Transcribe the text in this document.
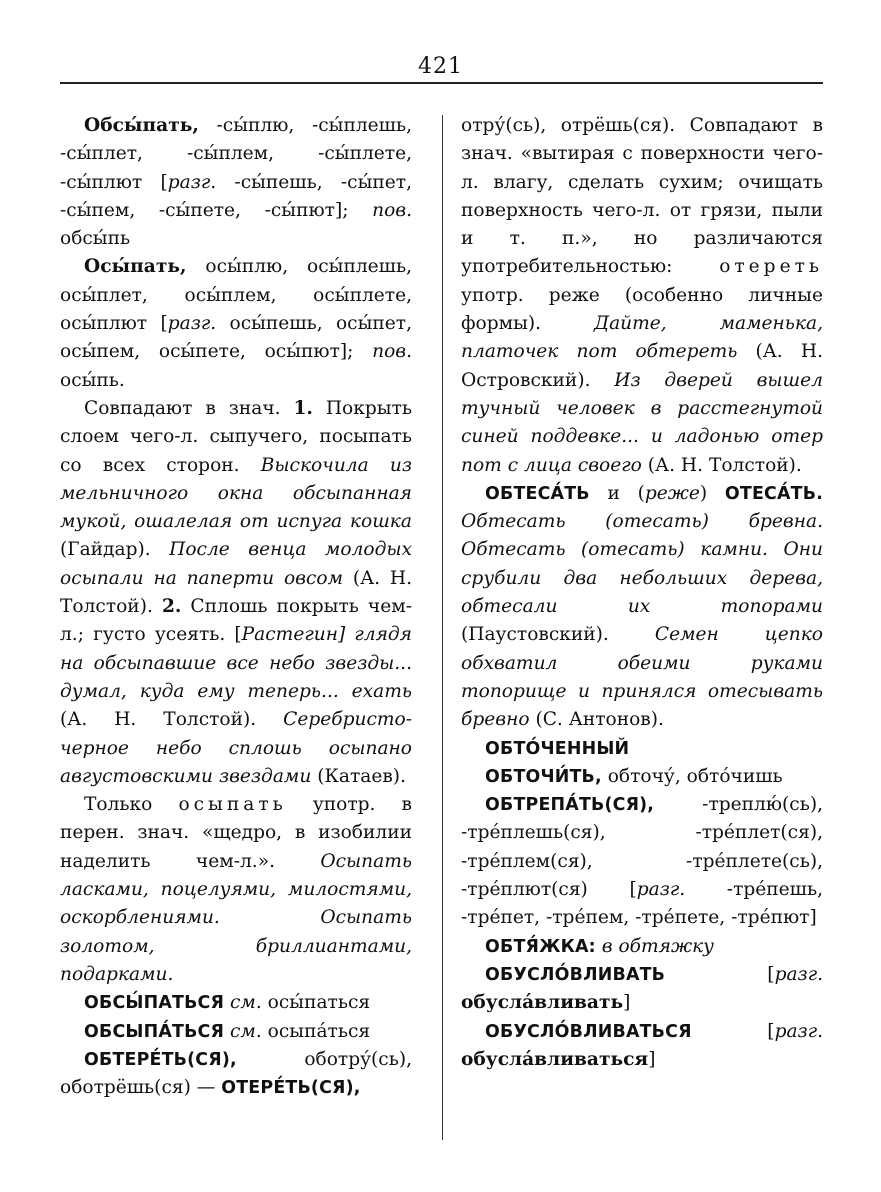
421

Обсы́пать, -сы́плю, -сы́плешь, -сы́плет, -сы́плем, -сы́плете, -сы́плют [разг. -сы́пешь, -сы́пет, -сы́пем, -сы́пете, -сы́пют]; пов. обсы́пь

Осы́пать, осы́плю, осы́плешь, осы́плет, осы́плем, осы́плете, осы́плют [разг. осы́пешь, осы́пет, осы́пем, осы́пете, осы́пют]; пов. осы́пь.

Совпадают в знач. 1. Покрыть слоем чего-л. сыпучего, посыпать со всех сторон. Выскочила из мельничного окна обсыпанная мукой, ошалелая от испуга кошка (Гайдар). После венца молодых осыпали на паперти овсом (А. Н. Толстой). 2. Сплошь покрыть чем-л.; густо усеять. [Растегин] глядя на обсыпавшие все небо звезды... думал, куда ему теперь... ехать (А. Н. Толстой). Серебристо-черное небо сплошь осыпано августовскими звездами (Катаев).

Только осыпать употр. в перен. знач. «щедро, в изобилии наделить чем-л.». Осыпать ласками, поцелуями, милостями, оскорблениями. Осыпать золотом, бриллиантами, подарками.

ОБСЫ́ПАТЬСЯ см. осы́паться

ОБСЫПА́ТЬСЯ см. осыпа́ться

ОБТЕРЕ́ТЬ(СЯ), оботру́(сь), оботрёшь(ся) — ОТЕРЕ́ТЬ(СЯ),

отру́(сь), отрёшь(ся). Совпадают в знач. «вытирая с поверхности чего-л. влагу, сделать сухим; очищать поверхность чего-л. от грязи, пыли и т. п.», но различаются употребительностью: отереть употр. реже (особенно личные формы). Дайте, маменька, платочек пот обтереть (А. Н. Островский). Из дверей вышел тучный человек в расстегнутой синей поддевке... и ладонью отер пот с лица своего (А. Н. Толстой).

ОБТЕСА́ТЬ и (реже) ОТЕСА́ТЬ. Обтесать (отесать) бревна. Обтесать (отесать) камни. Они срубили два небольших дерева, обтесали их топорами (Паустовский). Семен цепко обхватил обеими руками топорище и принялся отесывать бревно (С. Антонов).

ОБТО́ЧЕННЫЙ

ОБТОЧИ́ТЬ, обточу́, обто́чишь

ОБТРЕПА́ТЬ(СЯ), -треплю́(сь), -тре́плешь(ся), -тре́плет(ся), -тре́плем(ся), -тре́плете(сь), -тре́плют(ся) [разг. -тре́пешь, -тре́пет, -тре́пем, -тре́пете, -тре́пют]

ОБТЯ́ЖКА: в обтяжку

ОБУСЛО́ВЛИВАТЬ [разг. обусла́вливать]

ОБУСЛО́ВЛИВАТЬСЯ [разг. обусла́вливаться]
